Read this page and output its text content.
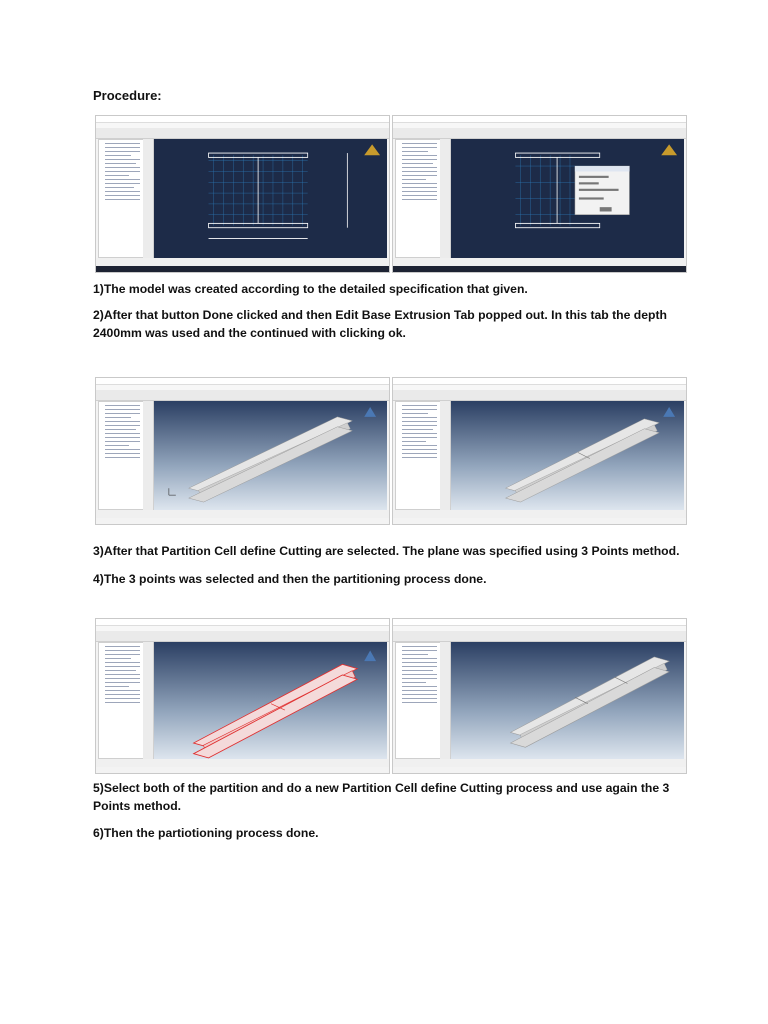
Procedure:
1)The model was created according to the detailed specification that given.
2)After that button Done clicked and then Edit Base Extrusion Tab popped out. In this tab the depth 2400mm was used and the continued with clicking ok.
3)After that Partition Cell define Cutting are selected. The plane was specified using 3 Points method.
4)The 3 points was selected and then the partitioning process done.
5)Select both of the partition and do a new Partition Cell define Cutting process and use again the 3 Points method.
6)Then the partiotioning process done.
